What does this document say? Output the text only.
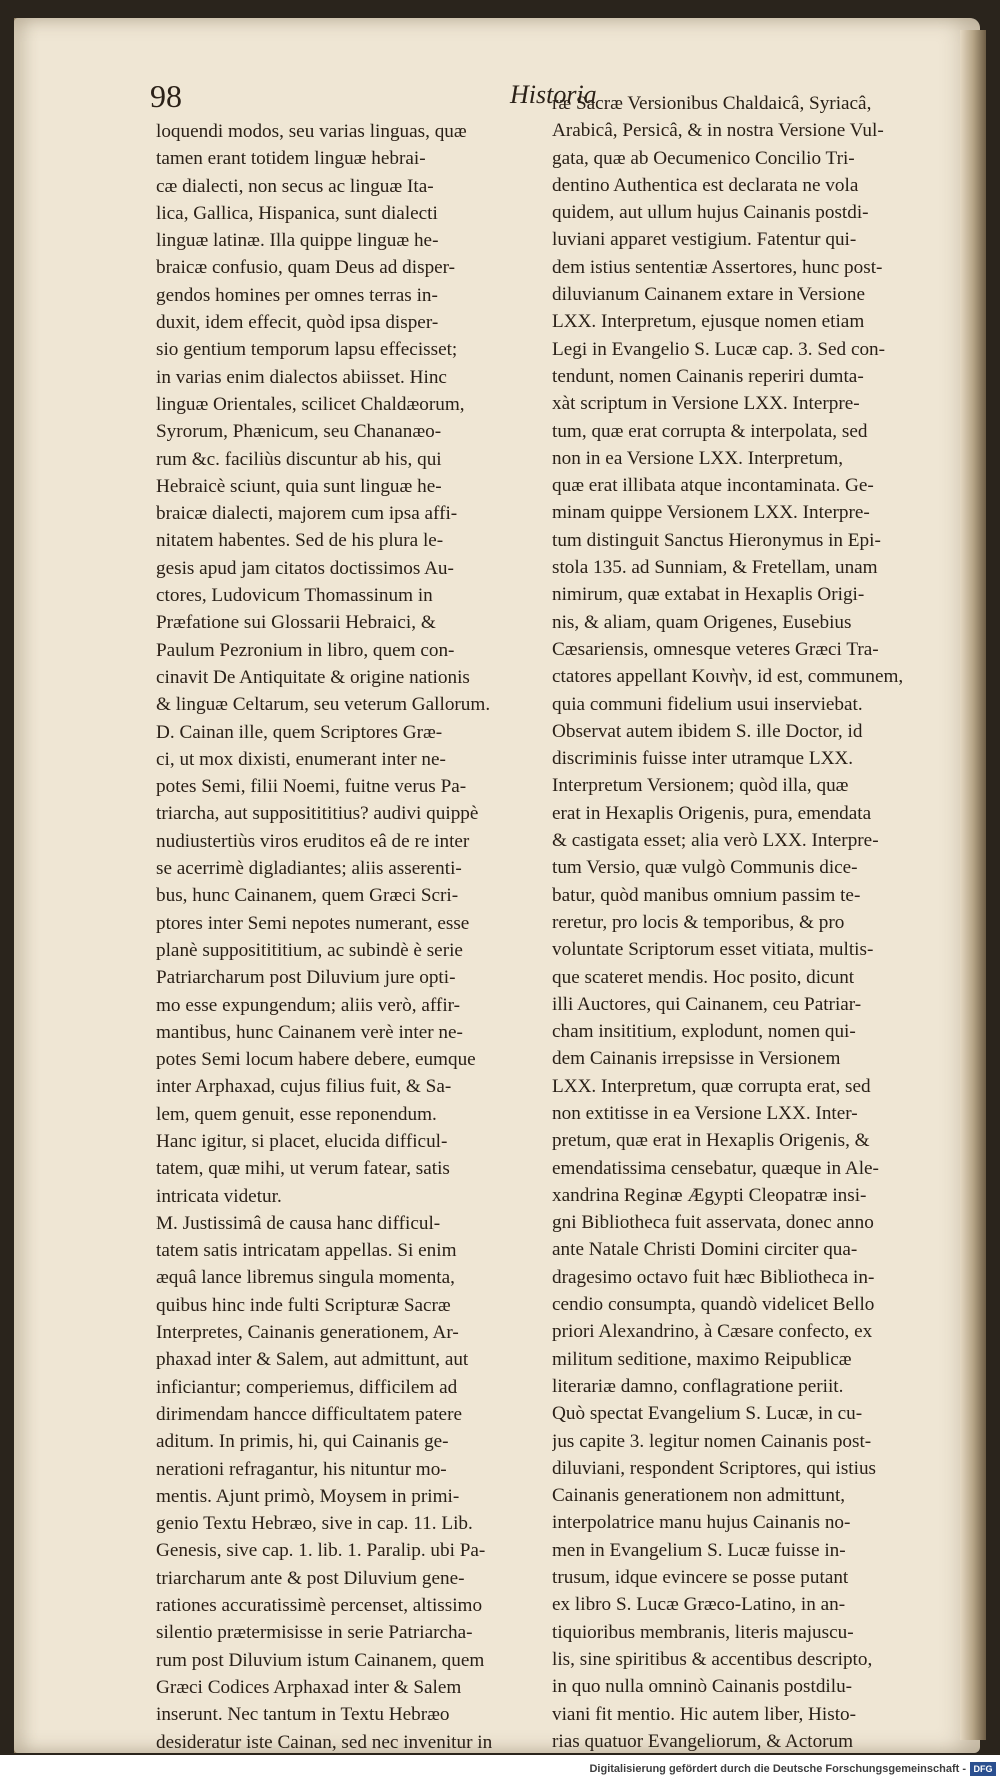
98	Historia
loquendi modos, seu varias linguas, quæ
tamen erant totidem linguæ hebrai-
cæ dialecti, non secus ac linguæ Ita-
lica, Gallica, Hispanica, sunt dialecti
linguæ latinæ. Illa quippe linguæ he-
braicæ confusio, quam Deus ad disper-
gendos homines per omnes terras in-
duxit, idem effecit, quòd ipsa disper-
sio gentium temporum lapsu effecisset;
in varias enim dialectos abiisset. Hinc
linguæ Orientales, scilicet Chaldæorum,
Syrorum, Phænicum, seu Chananæo-
rum &c. faciliùs discuntur ab his, qui
Hebraicè sciunt, quia sunt linguæ he-
braicæ dialecti, majorem cum ipsa affi-
nitatem habentes. Sed de his plura le-
gesis apud jam citatos doctissimos Au-
ctores, Ludovicum Thomassinum in
Præfatione sui Glossarii Hebraici, &
Paulum Pezronium in libro, quem con-
cinavit De Antiquitate & origine nationis
& linguæ Celtarum, seu veterum Gallorum.
D. Cainan ille, quem Scriptores Græ-
ci, ut mox dixisti, enumerant inter ne-
potes Semi, filii Noemi, fuitne verus Pa-
triarcha, aut suppositititius? audivi quippè
nudiustertiùs viros eruditos eâ de re inter
se acerrimè digladiantes; aliis asserenti-
bus, hunc Cainanem, quem Græci Scri-
ptores inter Semi nepotes numerant, esse
planè suppositititium, ac subindè è serie
Patriarcharum post Diluvium jure opti-
mo esse expungendum; aliis verò, affir-
mantibus, hunc Cainanem verè inter ne-
potes Semi locum habere debere, eumque
inter Arphaxad, cujus filius fuit, & Sa-
lem, quem genuit, esse reponendum.
Hanc igitur, si placet, elucida difficul-
tatem, quæ mihi, ut verum fatear, satis
intricata videtur.
M. Justissimâ de causa hanc difficul-
tatem satis intricatam appellas. Si enim
æquâ lance libremus singula momenta,
quibus hinc inde fulti Scripturæ Sacræ
Interpretes, Cainanis generationem, Ar-
phaxad inter & Salem, aut admittunt, aut
inficiantur; comperiemus, difficilem ad
dirimendam hancce difficultatem patere
aditum. In primis, hi, qui Cainanis ge-
nerationi refragantur, his nituntur mo-
mentis. Ajunt primò, Moysem in primi-
genio Textu Hebræo, sive in cap. 11. Lib.
Genesis, sive cap. 1. lib. 1. Paralip. ubi Pa-
triarcharum ante & post Diluvium gene-
rationes accuratissimè percenset, altissimo
silentio prætermisisse in serie Patriarcha-
rum post Diluvium istum Cainanem, quem
Græci Codices Arphaxad inter & Salem
inserunt. Nec tantum in Textu Hebræo
desideratur iste Cainan, sed nec invenitur in
ræ Sacræ Versionibus Chaldaicâ, Syriacâ,
Arabicâ, Persicâ, & in nostra Versione Vul-
gata, quæ ab Oecumenico Concilio Tri-
dentino Authentica est declarata ne vola
quidem, aut ullum hujus Cainanis postdi-
luviani apparet vestigium. Fatentur qui-
dem istius sententiæ Assertores, hunc post-
diluvianum Cainanem extare in Versione
LXX. Interpretum, ejusque nomen etiam
Legi in Evangelio S. Lucæ cap. 3. Sed con-
tendunt, nomen Cainanis reperiri dumta-
xàt scriptum in Versione LXX. Interpre-
tum, quæ erat corrupta & interpolata, sed
non in ea Versione LXX. Interpretum,
quæ erat illibata atque incontaminata. Ge-
minam quippe Versionem LXX. Interpre-
tum distinguit Sanctus Hieronymus in Epi-
stola 135. ad Sunniam, & Fretellam, unam
nimirum, quæ extabat in Hexaplis Origi-
nis, & aliam, quam Origenes, Eusebius
Cæsariensis, omnesque veteres Græci Tra-
ctatores appellant Κοινὴν, id est, communem,
quia communi fidelium usui inserviebat.
Observat autem ibidem S. ille Doctor, id
discriminis fuisse inter utramque LXX.
Interpretum Versionem; quòd illa, quæ
erat in Hexaplis Origenis, pura, emendata
& castigata esset; alia verò LXX. Interpre-
tum Versio, quæ vulgò Communis dice-
batur, quòd manibus omnium passim te-
reretur, pro locis & temporibus, & pro
voluntate Scriptorum esset vitiata, multis-
que scateret mendis. Hoc posito, dicunt
illi Auctores, qui Cainanem, ceu Patriar-
cham insititium, explodunt, nomen qui-
dem Cainanis irrepsisse in Versionem
LXX. Interpretum, quæ corrupta erat, sed
non extitisse in ea Versione LXX. Inter-
pretum, quæ erat in Hexaplis Origenis, &
emendatissima censebatur, quæque in Ale-
xandrina Reginæ Ægypti Cleopatræ insi-
gni Bibliotheca fuit asservata, donec anno
ante Natale Christi Domini circiter qua-
dragesimo octavo fuit hæc Bibliotheca in-
cendio consumpta, quandò videlicet Bello
priori Alexandrino, à Cæsare confecto, ex
militum seditione, maximo Reipublicæ
literariæ damno, conflagratione periit.
Quò spectat Evangelium S. Lucæ, in cu-
jus capite 3. legitur nomen Cainanis post-
diluviani, respondent Scriptores, qui istius
Cainanis generationem non admittunt,
interpolatrice manu hujus Cainanis no-
men in Evangelium S. Lucæ fuisse in-
trusum, idque evincere se posse putant
ex libro S. Lucæ Græco-Latino, in an-
tiquioribus membranis, literis majuscu-
lis, sine spiritibus & accentibus descripto,
in quo nulla omninò Cainanis postdilu-
viani fit mentio. Hic autem liber, Histo-
rias quatuor Evangeliorum, & Actorum
Digitalisierung gefördert durch die Deutsche Forschungsgemeinschaft - DFG
